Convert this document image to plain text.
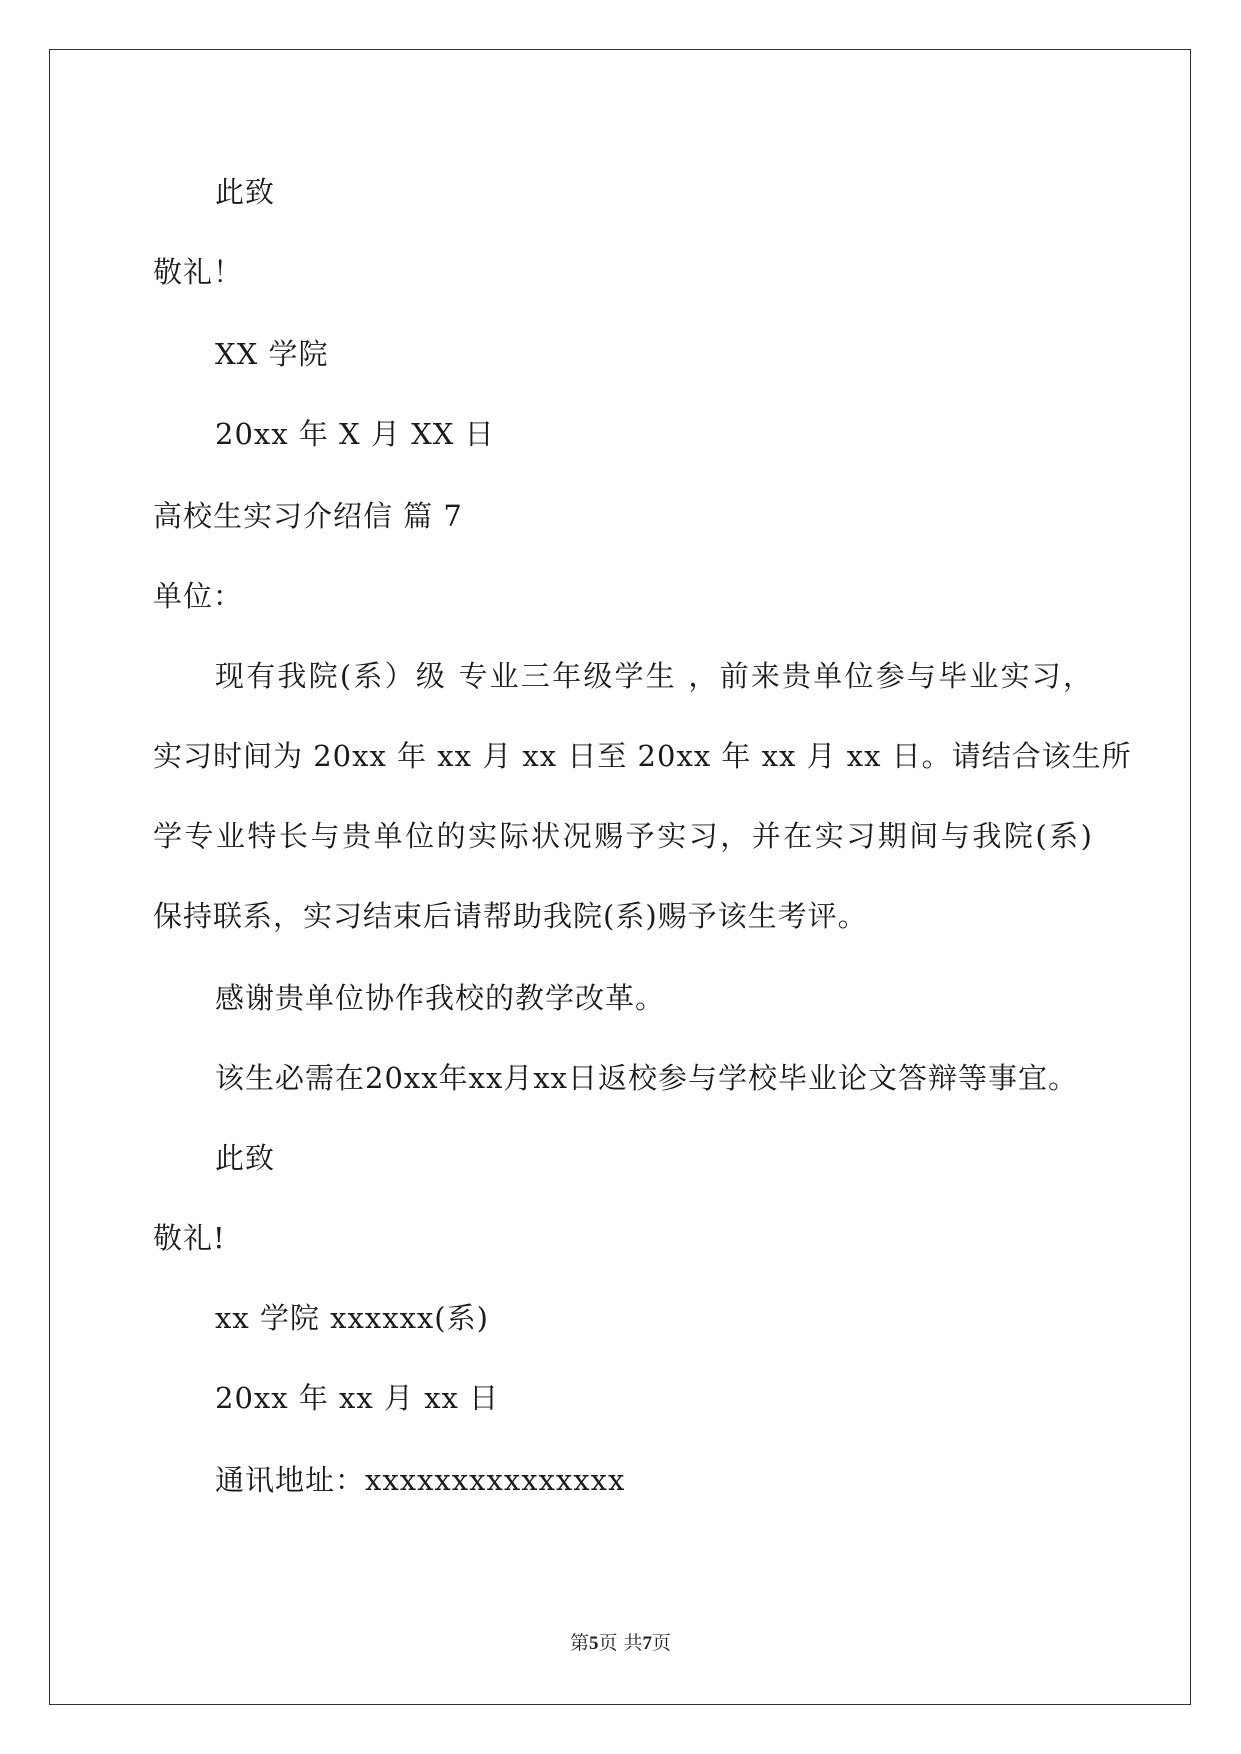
此致
敬礼！
XX 学院
20xx 年 X 月 XX 日
高校生实习介绍信 篇 7
单位：
现有我院(系）级 专业三年级学生 ，前来贵单位参与毕业实习，
实习时间为 20xx 年 xx 月 xx 日至 20xx 年 xx 月 xx 日。请结合该生所
学专业特长与贵单位的实际状况赐予实习，并在实习期间与我院(系)
保持联系，实习结束后请帮助我院(系)赐予该生考评。
感谢贵单位协作我校的教学改革。
该生必需在20xx年xx月xx日返校参与学校毕业论文答辩等事宜。
此致
敬礼!
xx 学院 xxxxxx(系)
20xx 年 xx 月 xx 日
通讯地址：xxxxxxxxxxxxxxx
第5页 共7页
